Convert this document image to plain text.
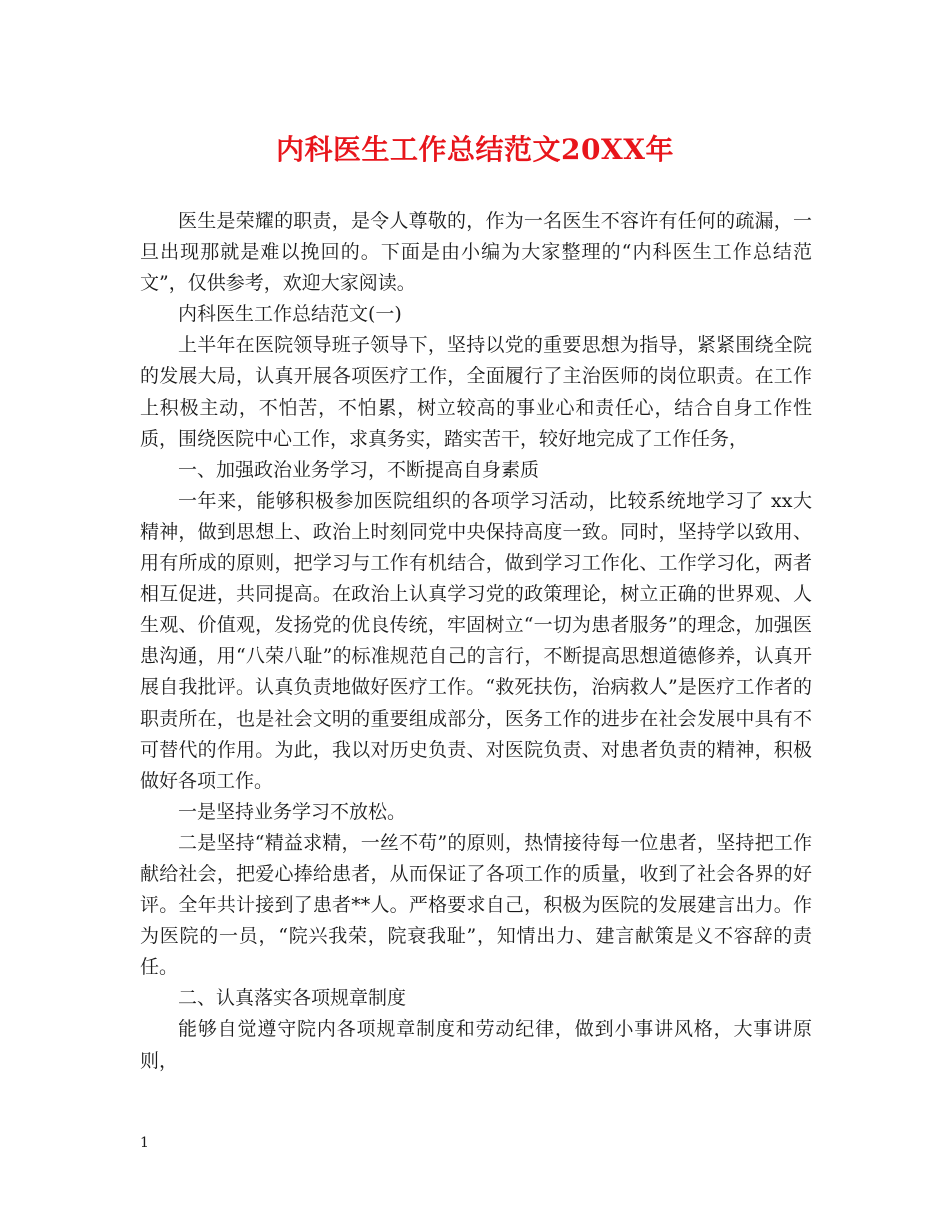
内科医生工作总结范文20XX年

医生是荣耀的职责，是令人尊敬的，作为一名医生不容许有任何的疏漏，一旦出现那就是难以挽回的。下面是由小编为大家整理的“内科医生工作总结范文”，仅供参考，欢迎大家阅读。

内科医生工作总结范文(一)

上半年在医院领导班子领导下，坚持以党的重要思想为指导，紧紧围绕全院的发展大局，认真开展各项医疗工作，全面履行了主治医师的岗位职责。在工作上积极主动，不怕苦，不怕累，树立较高的事业心和责任心，结合自身工作性质，围绕医院中心工作，求真务实，踏实苦干，较好地完成了工作任务，

一、加强政治业务学习，不断提高自身素质

一年来，能够积极参加医院组织的各项学习活动，比较系统地学习了 xx大精神，做到思想上、政治上时刻同党中央保持高度一致。同时，坚持学以致用、用有所成的原则，把学习与工作有机结合，做到学习工作化、工作学习化，两者相互促进，共同提高。在政治上认真学习党的政策理论，树立正确的世界观、人生观、价值观，发扬党的优良传统，牢固树立“一切为患者服务”的理念，加强医患沟通，用“八荣八耻”的标准规范自己的言行，不断提高思想道德修养，认真开展自我批评。认真负责地做好医疗工作。“救死扶伤，治病救人”是医疗工作者的职责所在，也是社会文明的重要组成部分，医务工作的进步在社会发展中具有不可替代的作用。为此，我以对历史负责、对医院负责、对患者负责的精神，积极做好各项工作。

一是坚持业务学习不放松。

二是坚持“精益求精，一丝不苟”的原则，热情接待每一位患者，坚持把工作献给社会，把爱心捧给患者，从而保证了各项工作的质量，收到了社会各界的好评。全年共计接到了患者**人。严格要求自己，积极为医院的发展建言出力。作为医院的一员，“院兴我荣，院衰我耻”，知情出力、建言献策是义不容辞的责任。

二、认真落实各项规章制度

能够自觉遵守院内各项规章制度和劳动纪律，做到小事讲风格，大事讲原则，

1
